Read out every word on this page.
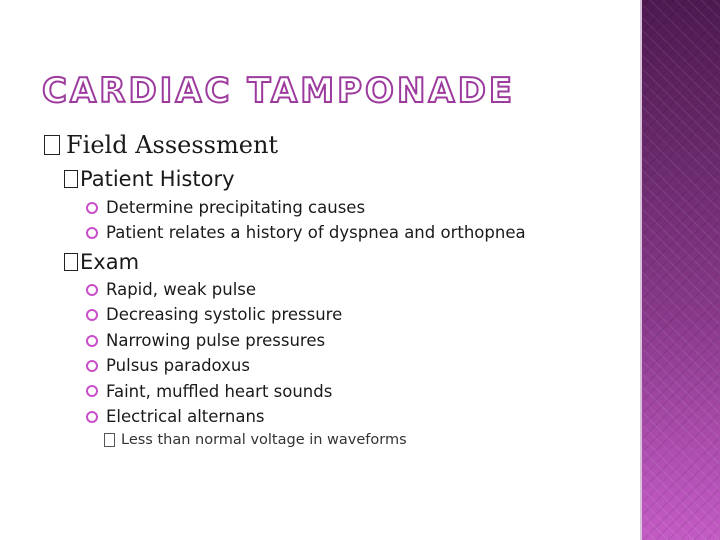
CARDIAC TAMPONADE
Field Assessment
Patient History
Determine precipitating causes
Patient relates a history of dyspnea and orthopnea
Exam
Rapid, weak pulse
Decreasing systolic pressure
Narrowing pulse pressures
Pulsus paradoxus
Faint, muffled heart sounds
Electrical alternans
Less than normal voltage in waveforms
